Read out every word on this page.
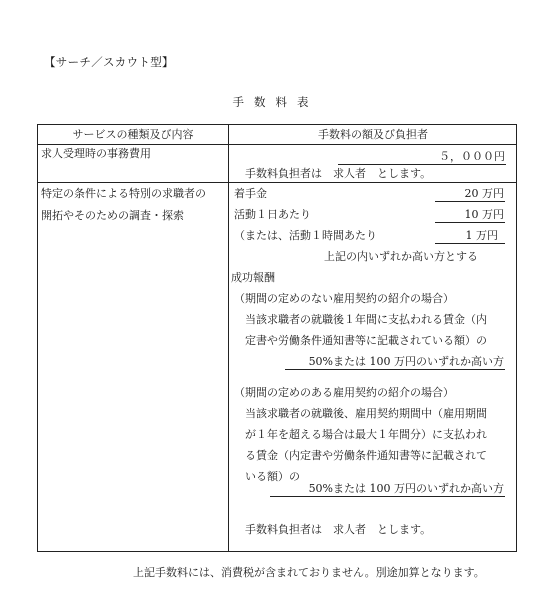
【サーチ／スカウト型】
手数料表
サービスの種類及び内容	手数料の額及び負担者
求人受理時の事務費用	５，０００円
手数料負担者は　求人者　とします。
特定の条件による特別の求職者の
開拓やそのための調査・探索
着手金	20 万円
活動１日あたり	10 万円
（または、活動１時間あたり	1 万円
上記の内いずれか高い方とする
成功報酬
（期間の定めのない雇用契約の紹介の場合）
当該求職者の就職後１年間に支払われる賃金（内
定書や労働条件通知書等に記載されている額）の
50%または 100 万円のいずれか高い方
（期間の定めのある雇用契約の紹介の場合）
当該求職者の就職後、雇用契約期間中（雇用期間
が１年を超える場合は最大１年間分）に支払われ
る賃金（内定書や労働条件通知書等に記載されて
いる額）の
50%または 100 万円のいずれか高い方
手数料負担者は　求人者　とします。
上記手数料には、消費税が含まれておりません。別途加算となります。
